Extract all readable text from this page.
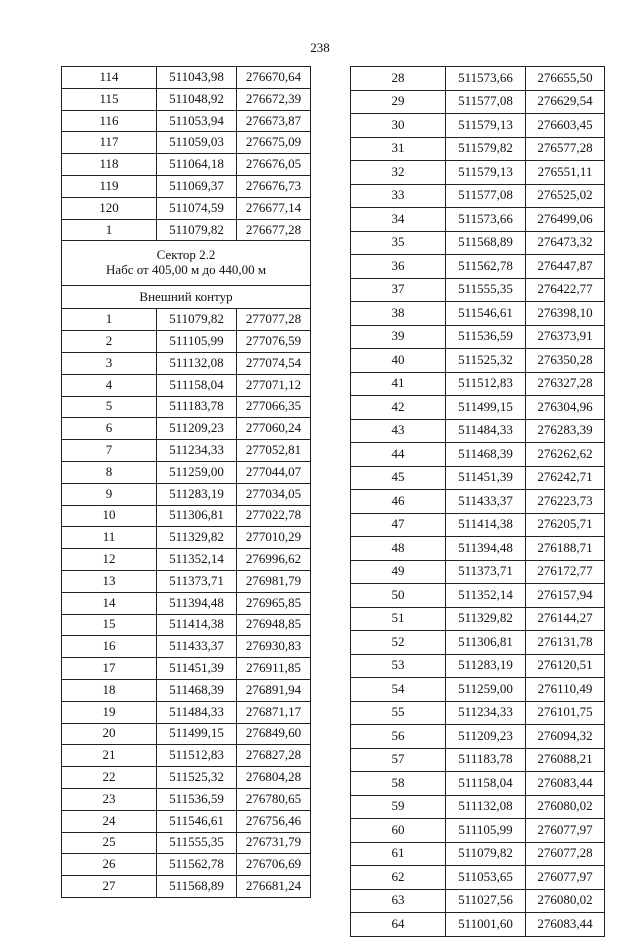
238
114	511043,98	276670,64
115	511048,92	276672,39
116	511053,94	276673,87
117	511059,03	276675,09
118	511064,18	276676,05
119	511069,37	276676,73
120	511074,59	276677,14
1	511079,82	276677,28

Сектор 2.2
Набс от 405,00 м до 440,00 м		

Внешний контур		
1	511079,82	277077,28
2	511105,99	277076,59
3	511132,08	277074,54
4	511158,04	277071,12
5	511183,78	277066,35
6	511209,23	277060,24
7	511234,33	277052,81
8	511259,00	277044,07
9	511283,19	277034,05
10	511306,81	277022,78
11	511329,82	277010,29
12	511352,14	276996,62
13	511373,71	276981,79
14	511394,48	276965,85
15	511414,38	276948,85
16	511433,37	276930,83
17	511451,39	276911,85
18	511468,39	276891,94
19	511484,33	276871,17
20	511499,15	276849,60
21	511512,83	276827,28
22	511525,32	276804,28
23	511536,59	276780,65
24	511546,61	276756,46
25	511555,35	276731,79
26	511562,78	276706,69
27	511568,89	276681,24
28	511573,66	276655,50
29	511577,08	276629,54
30	511579,13	276603,45
31	511579,82	276577,28
32	511579,13	276551,11
33	511577,08	276525,02
34	511573,66	276499,06
35	511568,89	276473,32
36	511562,78	276447,87
37	511555,35	276422,77
38	511546,61	276398,10
39	511536,59	276373,91
40	511525,32	276350,28
41	511512,83	276327,28
42	511499,15	276304,96
43	511484,33	276283,39
44	511468,39	276262,62
45	511451,39	276242,71
46	511433,37	276223,73
47	511414,38	276205,71
48	511394,48	276188,71
49	511373,71	276172,77
50	511352,14	276157,94
51	511329,82	276144,27
52	511306,81	276131,78
53	511283,19	276120,51
54	511259,00	276110,49
55	511234,33	276101,75
56	511209,23	276094,32
57	511183,78	276088,21
58	511158,04	276083,44
59	511132,08	276080,02
60	511105,99	276077,97
61	511079,82	276077,28
62	511053,65	276077,97
63	511027,56	276080,02
64	511001,60	276083,44
